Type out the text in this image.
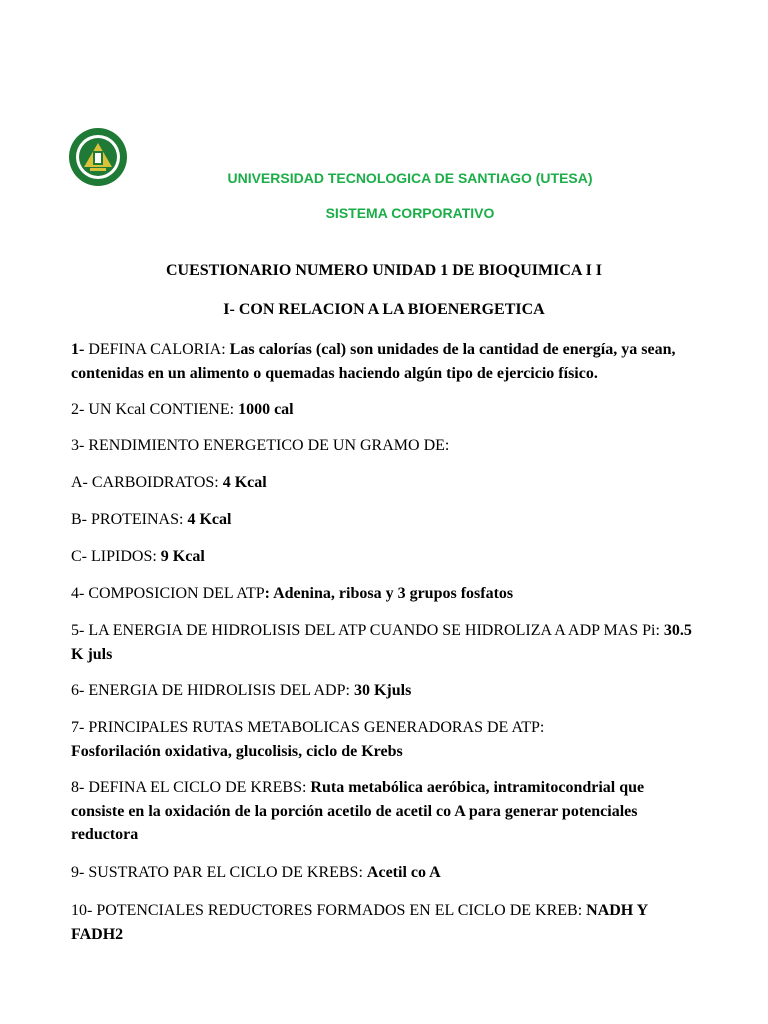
UNIVERSIDAD TECNOLOGICA DE SANTIAGO (UTESA)
SISTEMA CORPORATIVO
CUESTIONARIO NUMERO UNIDAD 1 DE BIOQUIMICA I I
I- CON RELACION A LA BIOENERGETICA
1- DEFINA CALORIA: Las calorías (cal) son unidades de la cantidad de energía, ya sean, contenidas en un alimento o quemadas haciendo algún tipo de ejercicio físico.
2- UN Kcal CONTIENE: 1000 cal
3- RENDIMIENTO ENERGETICO DE UN GRAMO DE:
A- CARBOIDRATOS: 4 Kcal
B- PROTEINAS: 4 Kcal
C- LIPIDOS: 9 Kcal
4- COMPOSICION DEL ATP: Adenina, ribosa y 3 grupos fosfatos
5- LA ENERGIA DE HIDROLISIS DEL ATP CUANDO SE HIDROLIZA A ADP MAS Pi: 30.5 K juls
6- ENERGIA DE HIDROLISIS DEL ADP: 30 Kjuls
7- PRINCIPALES RUTAS METABOLICAS GENERADORAS DE ATP:
Fosforilación oxidativa, glucolisis, ciclo de Krebs
8- DEFINA EL CICLO DE KREBS: Ruta metabólica aeróbica, intramitocondrial que consiste en la oxidación de la porción acetilo de acetil co A para generar potenciales reductora
9- SUSTRATO PAR EL CICLO DE KREBS: Acetil co A
10- POTENCIALES REDUCTORES FORMADOS EN EL CICLO DE KREB: NADH Y FADH2
